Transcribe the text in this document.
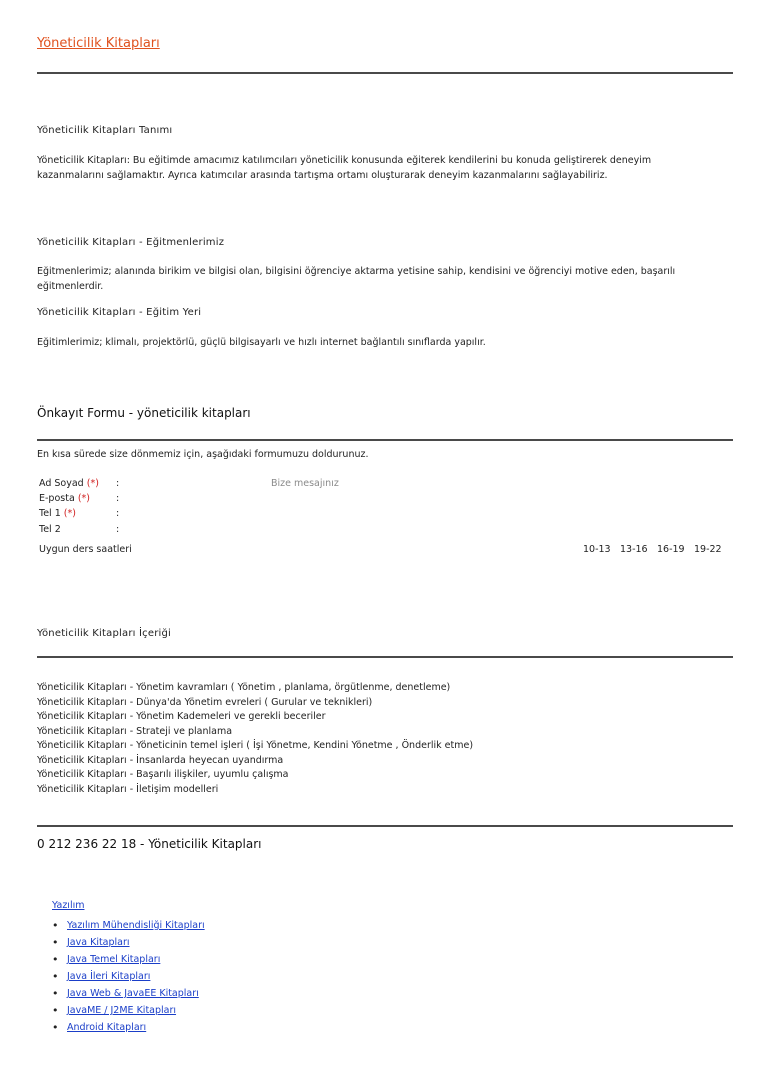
Yöneticilik Kitapları
Yöneticilik Kitapları Tanımı
Yöneticilik Kitapları: Bu eğitimde amacımız katılımcıları yöneticilik konusunda eğiterek kendilerini bu konuda geliştirerek deneyim
kazanmalarını sağlamaktır. Ayrıca katımcılar arasında tartışma ortamı oluşturarak deneyim kazanmalarını sağlayabiliriz.
Yöneticilik Kitapları - Eğitmenlerimiz
Eğitmenlerimiz; alanında birikim ve bilgisi olan, bilgisini öğrenciye aktarma yetisine sahip, kendisini ve öğrenciyi motive eden, başarılı
eğitmenlerdir.
Yöneticilik Kitapları - Eğitim Yeri
Eğitimlerimiz; klimalı, projektörlü, güçlü bilgisayarlı ve hızlı internet bağlantılı sınıflarda yapılır.
Önkayıt Formu - yöneticilik kitapları
En kısa sürede size dönmemiz için, aşağıdaki formumuzu doldurunuz.
Ad Soyad (*) :
E-posta (*)	:
Tel 1 (*)	:
Tel 2	:
Bize mesajınız
Uygun ders saatleri	10-13 13-16 16-19 19-22
Yöneticilik Kitapları İçeriği
Yöneticilik Kitapları - Yönetim kavramları ( Yönetim , planlama, örgütlenme, denetleme)
Yöneticilik Kitapları - Dünya'da Yönetim evreleri ( Gurular ve teknikleri)
Yöneticilik Kitapları - Yönetim Kademeleri ve gerekli beceriler
Yöneticilik Kitapları - Strateji ve planlama
Yöneticilik Kitapları - Yöneticinin temel işleri ( İşi Yönetme, Kendini Yönetme , Önderlik etme)
Yöneticilik Kitapları - İnsanlarda heyecan uyandırma
Yöneticilik Kitapları - Başarılı ilişkiler, uyumlu çalışma
Yöneticilik Kitapları - İletişim modelleri
0 212 236 22 18 - Yöneticilik Kitapları
Yazılım
• Yazılım Mühendisliği Kitapları
• Java Kitapları
• Java Temel Kitapları
• Java İleri Kitapları
• Java Web & JavaEE Kitapları
• JavaME / J2ME Kitapları
• Android Kitapları
